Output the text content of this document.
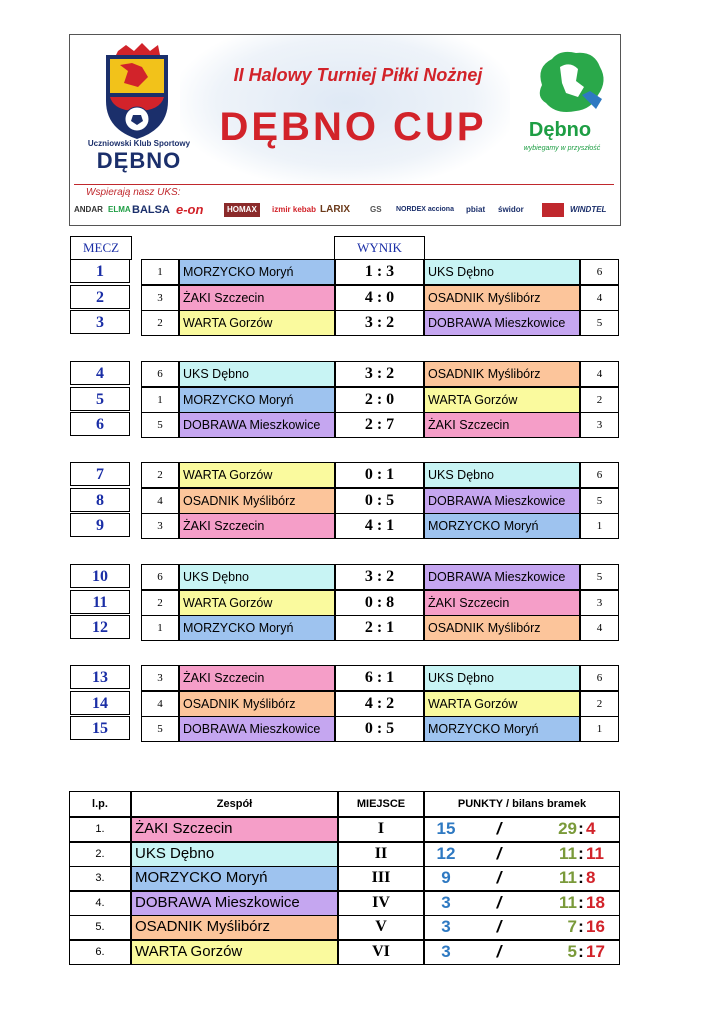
Uczniowski Klub Sportowy
DĘBNO
II Halowy Turniej Piłki Nożnej
DĘBNO CUP	Dębno
wybiegamy w przyszłość
Wspierają nasz UKS:
ANDAR ELMA BALSA e-on	HOMAX	izmir kebab LARIX	GS NORDEX acciona pbiat świdor	WINDTEL
MECZ	WYNIK
1	1	MORZYCKO Moryń	1 : 3	UKS Dębno	6
2	3	ŻAKI Szczecin	4 : 0	OSADNIK Myślibórz	4
3	2	WARTA Gorzów	3 : 2	DOBRAWA Mieszkowice	5
4	6	UKS Dębno	3 : 2	OSADNIK Myślibórz	4
5	1	MORZYCKO Moryń	2 : 0	WARTA Gorzów	2
6	5	DOBRAWA Mieszkowice	2 : 7	ŻAKI Szczecin	3
7	2	WARTA Gorzów	0 : 1	UKS Dębno	6
8	4	OSADNIK Myślibórz	0 : 5	DOBRAWA Mieszkowice	5
9	3	ŻAKI Szczecin	4 : 1	MORZYCKO Moryń	1
10	6	UKS Dębno	3 : 2	DOBRAWA Mieszkowice	5
11	2	WARTA Gorzów	0 : 8	ŻAKI Szczecin	3
12	1	MORZYCKO Moryń	2 : 1	OSADNIK Myślibórz	4
13	3	ŻAKI Szczecin	6 : 1	UKS Dębno	6
14	4	OSADNIK Myślibórz	4 : 2	WARTA Gorzów	2
15	5	DOBRAWA Mieszkowice	0 : 5	MORZYCKO Moryń	1
l.p.	Zespół	MIEJSCE	PUNKTY / bilans bramek
1.	ŻAKI Szczecin	I	15	/	29 : 4
2.	UKS Dębno	II	12	/	11 : 11
3.	MORZYCKO Moryń	III	9	/	11 : 8
4.	DOBRAWA Mieszkowice	IV	3	/	11 : 18
5.	OSADNIK Myślibórz	V	3	/	7 : 16
6.	WARTA Gorzów	VI	3	/	5 : 17
